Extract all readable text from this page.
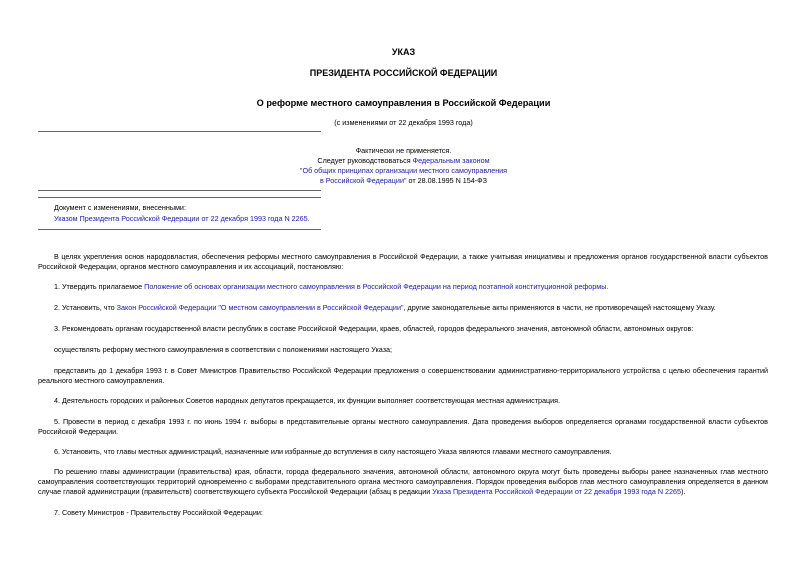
УКАЗ
ПРЕЗИДЕНТА РОССИЙСКОЙ ФЕДЕРАЦИИ
О реформе местного самоуправления в Российской Федерации
(с изменениями от 22 декабря 1993 года)
Фактически не применяется.
Следует руководствоваться Федеральным законом
"Об общих принципах организации местного самоуправления
в Российской Федерации" от 28.08.1995 N 154-ФЗ
Документ с изменениями, внесенными:
Указом Президента Российской Федерации от 22 декабря 1993 года N 2265.
В целях укрепления основ народовластия, обеспечения реформы местного самоуправления в Российской Федерации, а также учитывая инициативы и предложения органов государственной власти субъектов Российской Федерации, органов местного самоуправления и их ассоциаций, постановляю:
1. Утвердить прилагаемое Положение об основах организации местного самоуправления в Российской Федерации на период поэтапной конституционной реформы.
2. Установить, что Закон Российской Федерации "О местном самоуправлении в Российской Федерации", другие законодательные акты применяются в части, не противоречащей настоящему Указу.
3. Рекомендовать органам государственной власти республик в составе Российской Федерации, краев, областей, городов федерального значения, автономной области, автономных округов:
осуществлять реформу местного самоуправления в соответствии с положениями настоящего Указа;
представить до 1 декабря 1993 г. в Совет Министров Правительство Российской Федерации предложения о совершенствовании административно-территориального устройства с целью обеспечения гарантий реального местного самоуправления.
4. Деятельность городских и районных Советов народных депутатов прекращается, их функции выполняет соответствующая местная администрация.
5. Провести в период с декабря 1993 г. по июнь 1994 г. выборы в представительные органы местного самоуправления. Дата проведения выборов определяется органами государственной власти субъектов Российской Федерации.
6. Установить, что главы местных администраций, назначенные или избранные до вступления в силу настоящего Указа являются главами местного самоуправления.
По решению главы администрации (правительства) края, области, города федерального значения, автономной области, автономного округа могут быть проведены выборы ранее назначенных глав местного самоуправления соответствующих территорий одновременно с выборами представительного органа местного самоуправления. Порядок проведения выборов глав местного самоуправления определяется в данном случае главой администрации (правительств) соответствующего субъекта Российской Федерации (абзац в редакции Указа Президента Российской Федерации от 22 декабря 1993 года N 2265).
7. Совету Министров - Правительству Российской Федерации:
